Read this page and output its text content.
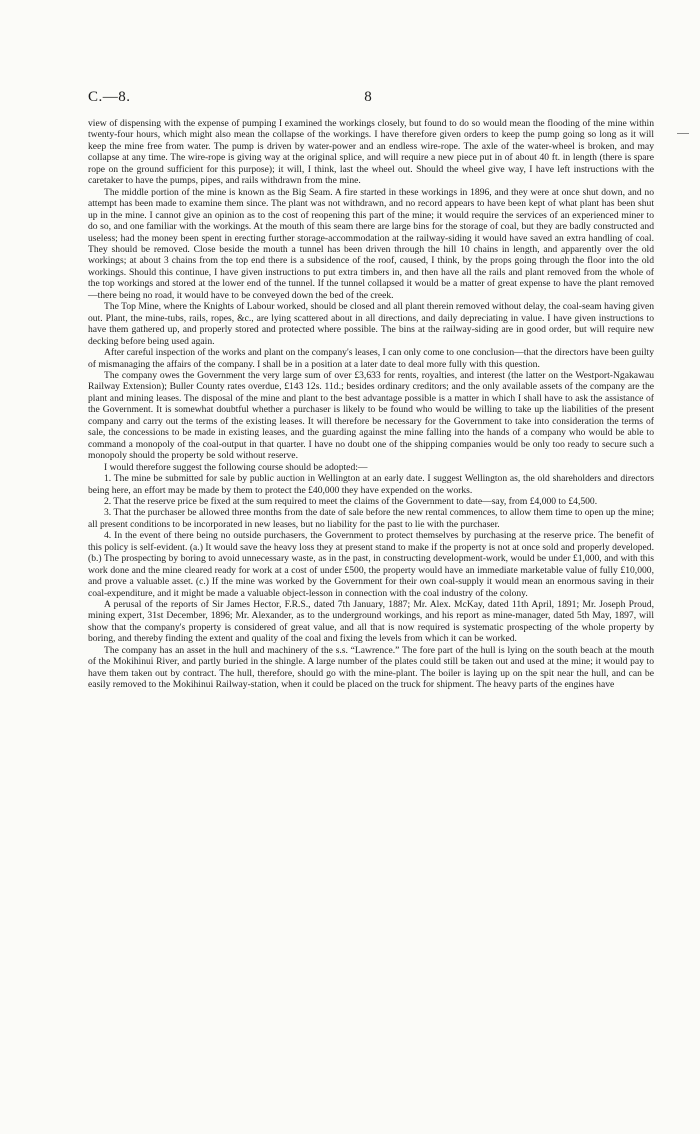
C.—8.	8

view of dispensing with the expense of pumping I examined the workings closely, but found to do so would mean the flooding of the mine within twenty-four hours, which might also mean the collapse of the workings. I have therefore given orders to keep the pump going so long as it will keep the mine free from water. The pump is driven by water-power and an endless wire-rope. The axle of the water-wheel is broken, and may collapse at any time. The wire-rope is giving way at the original splice, and will require a new piece put in of about 40 ft. in length (there is spare rope on the ground sufficient for this purpose); it will, I think, last the wheel out. Should the wheel give way, I have left instructions with the caretaker to have the pumps, pipes, and rails withdrawn from the mine.

The middle portion of the mine is known as the Big Seam. A fire started in these workings in 1896, and they were at once shut down, and no attempt has been made to examine them since. The plant was not withdrawn, and no record appears to have been kept of what plant has been shut up in the mine. I cannot give an opinion as to the cost of reopening this part of the mine; it would require the services of an experienced miner to do so, and one familiar with the workings. At the mouth of this seam there are large bins for the storage of coal, but they are badly constructed and useless; had the money been spent in erecting further storage-accommodation at the railway-siding it would have saved an extra handling of coal. They should be removed. Close beside the mouth a tunnel has been driven through the hill 10 chains in length, and apparently over the old workings; at about 3 chains from the top end there is a subsidence of the roof, caused, I think, by the props going through the floor into the old workings. Should this continue, I have given instructions to put extra timbers in, and then have all the rails and plant removed from the whole of the top workings and stored at the lower end of the tunnel. If the tunnel collapsed it would be a matter of great expense to have the plant removed—there being no road, it would have to be conveyed down the bed of the creek.

The Top Mine, where the Knights of Labour worked, should be closed and all plant therein removed without delay, the coal-seam having given out. Plant, the mine-tubs, rails, ropes, &c., are lying scattered about in all directions, and daily depreciating in value. I have given instructions to have them gathered up, and properly stored and protected where possible. The bins at the railway-siding are in good order, but will require new decking before being used again.

After careful inspection of the works and plant on the company's leases, I can only come to one conclusion—that the directors have been guilty of mismanaging the affairs of the company. I shall be in a position at a later date to deal more fully with this question.

The company owes the Government the very large sum of over £3,633 for rents, royalties, and interest (the latter on the Westport-Ngakawau Railway Extension); Buller County rates overdue, £143 12s. 11d.; besides ordinary creditors; and the only available assets of the company are the plant and mining leases. The disposal of the mine and plant to the best advantage possible is a matter in which I shall have to ask the assistance of the Government. It is somewhat doubtful whether a purchaser is likely to be found who would be willing to take up the liabilities of the present company and carry out the terms of the existing leases. It will therefore be necessary for the Government to take into consideration the terms of sale, the concessions to be made in existing leases, and the guarding against the mine falling into the hands of a company who would be able to command a monopoly of the coal-output in that quarter. I have no doubt one of the shipping companies would be only too ready to secure such a monopoly should the property be sold without reserve.

I would therefore suggest the following course should be adopted:—

1. The mine be submitted for sale by public auction in Wellington at an early date. I suggest Wellington as, the old shareholders and directors being here, an effort may be made by them to protect the £40,000 they have expended on the works.

2. That the reserve price be fixed at the sum required to meet the claims of the Government to date—say, from £4,000 to £4,500.

3. That the purchaser be allowed three months from the date of sale before the new rental commences, to allow them time to open up the mine; all present conditions to be incorporated in new leases, but no liability for the past to lie with the purchaser.

4. In the event of there being no outside purchasers, the Government to protect themselves by purchasing at the reserve price. The benefit of this policy is self-evident. (a.) It would save the heavy loss they at present stand to make if the property is not at once sold and properly developed. (b.) The prospecting by boring to avoid unnecessary waste, as in the past, in constructing development-work, would be under £1,000, and with this work done and the mine cleared ready for work at a cost of under £500, the property would have an immediate marketable value of fully £10,000, and prove a valuable asset. (c.) If the mine was worked by the Government for their own coal-supply it would mean an enormous saving in their coal-expenditure, and it might be made a valuable object-lesson in connection with the coal industry of the colony.

A perusal of the reports of Sir James Hector, F.R.S., dated 7th January, 1887; Mr. Alex. McKay, dated 11th April, 1891; Mr. Joseph Proud, mining expert, 31st December, 1896; Mr. Alexander, as to the underground workings, and his report as mine-manager, dated 5th May, 1897, will show that the company's property is considered of great value, and all that is now required is systematic prospecting of the whole property by boring, and thereby finding the extent and quality of the coal and fixing the levels from which it can be worked.

The company has an asset in the hull and machinery of the s.s. “Lawrence.” The fore part of the hull is lying on the south beach at the mouth of the Mokihinui River, and partly buried in the shingle. A large number of the plates could still be taken out and used at the mine; it would pay to have them taken out by contract. The hull, therefore, should go with the mine-plant. The boiler is laying up on the spit near the hull, and can be easily removed to the Mokihinui Railway-station, when it could be placed on the truck for shipment. The heavy parts of the engines have
